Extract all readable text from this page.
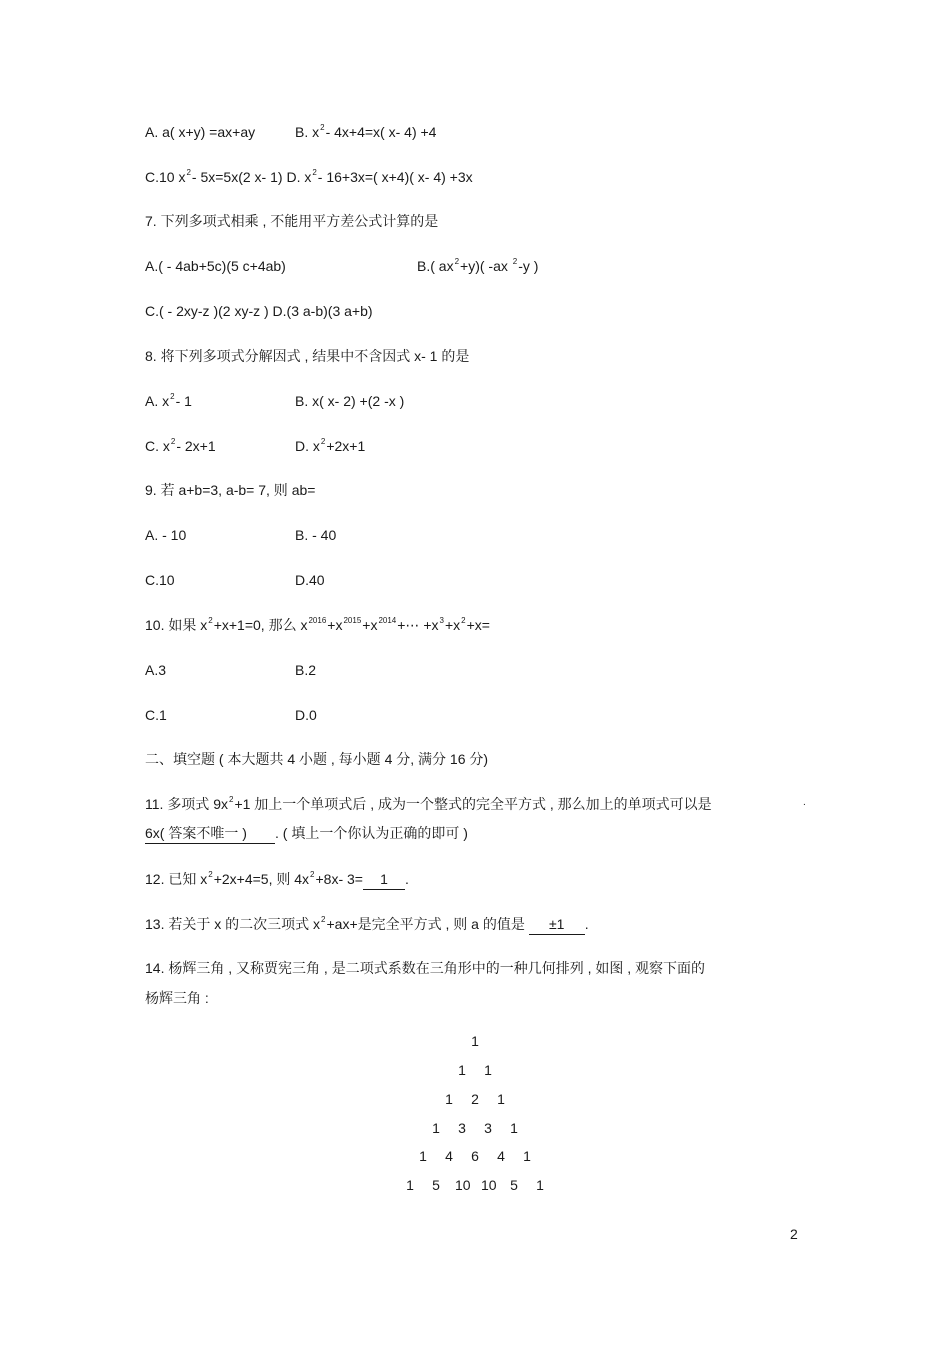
A. a( x+y) =ax+ay	B. $x^2-$ 4x+4=x( x- 4) +4
C.10 $x^2-$ 5x=5x(2 x- 1) D. $x^2-$ 16+3x=( x+4)( x- 4) +3x
7. 下列多项式相乘 , 不能用平方差公式计算的是
A.( - 4ab+5c)(5 c+4ab)	B.( $ax^2+y$)( -ax $^2$-y )
C.( - 2xy-z )(2 xy-z ) D.(3 a-b)(3 a+b)
8. 将下列多项式分解因式 , 结果中不含因式 x- 1 的是
A. $x^2-$ 1	B. x( x- 2) +(2 -x )
C. $x^2-$ 2x+1	D. $x^2+2x+1$
9. 若 a+b=3, a-b= 7, 则 ab=
A. - 10	B. - 40
C.10	D.40
10. 如果 $x^2+x+1=0$, 那么 $x^{2016}+x^{2015}+x^{2014}+\cdots +x^3+x^2+x=$
A.3	B.2
C.1	D.0
二、填空题 ( 本大题共 4 小题 , 每小题 4 分, 满分 16 分)
11. 多项式 $9x^2+1$ 加上一个单项式后 , 成为一个整式的完全平方式 , 那么加上的单项式可以是	.
6x( 答案不唯一 ) . ( 填上一个你认为正确的即可 )
12. 已知 $x^2+2x+4=5$, 则 $4x^2+8x-$ 3= 1 .
13. 若关于 x 的二次三项式 $x^2+ax+$是完全平方式 , 则 a 的值是 ±1 .
14. 杨辉三角 , 又称贾宪三角 , 是二项式系数在三角形中的一种几何排列 , 如图 , 观察下面的
杨辉三角 :
1
1 1
1 2 1
1 3 3 1
1 4 6 4 1
1 5 10 10 5 1
2
